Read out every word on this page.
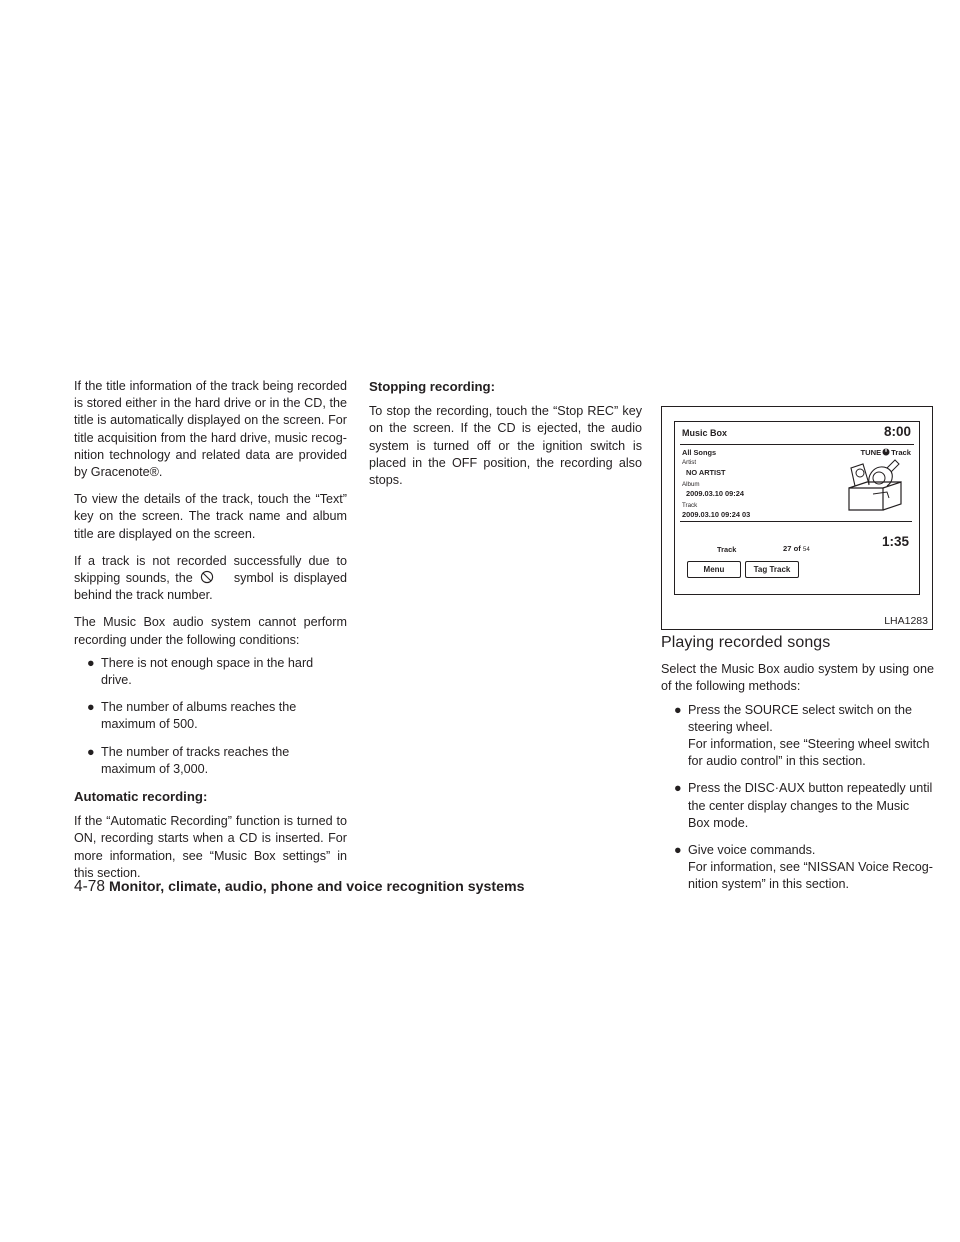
If the title information of the track being recorded is stored either in the hard drive or in the CD, the title is automatically displayed on the screen. For title acquisition from the hard drive, music recognition technology and related data are provided by Gracenote®.

To view the details of the track, touch the “Text” key on the screen. The track name and album title are displayed on the screen.

If a track is not recorded successfully due to skipping sounds, the	symbol is displayed behind the track number.

The Music Box audio system cannot perform recording under the following conditions:

● There is not enough space in the hard drive.
● The number of albums reaches the maximum of 500.
● The number of tracks reaches the maximum of 3,000.
Automatic recording:

If the “Automatic Recording” function is turned to ON, recording starts when a CD is inserted. For more information, see “Music Box settings” in this section.

Stopping recording:

To stop the recording, touch the “Stop REC” key on the screen. If the CD is ejected, the audio system is turned off or the ignition switch is placed in the OFF position, the recording also stops.

Music Box	8:00
All Songs	TUNE Track
Artist
NO ARTIST
Album
2009.03.10 09:24
Track
2009.03.10 09:24 03
1:35
Track	27 of 54
Menu	Tag Track
LHA1283
Playing recorded songs

Select the Music Box audio system by using one of the following methods:

● Press the SOURCE select switch on the steering wheel.
For information, see “Steering wheel switch for audio control” in this section.
● Press the DISC·AUX button repeatedly until the center display changes to the Music Box mode.
● Give voice commands.
For information, see “NISSAN Voice Recognition system” in this section.
4-78 Monitor, climate, audio, phone and voice recognition systems
